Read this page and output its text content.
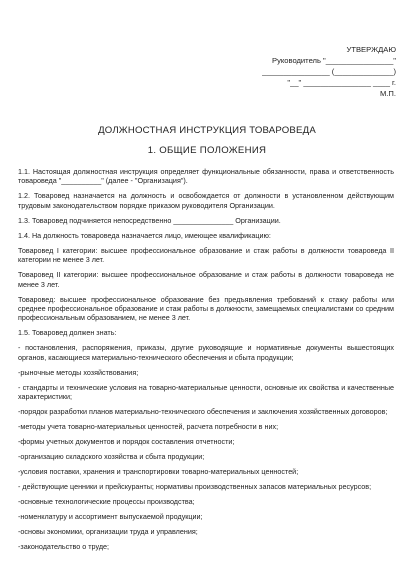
УТВЕРЖДАЮ
Руководитель "________________"
________________ (______________)
"__" ________________ ____ г.
М.П.
ДОЛЖНОСТНАЯ ИНСТРУКЦИЯ ТОВАРОВЕДА
1. ОБЩИЕ ПОЛОЖЕНИЯ

1.1. Настоящая должностная инструкция определяет функциональные обязанности, права и ответственность товароведа "__________" (далее - "Организация").

1.2. Товаровед назначается на должность и освобождается от должности в установленном действующим трудовым законодательством порядке приказом руководителя Организации.

1.3. Товаровед подчиняется непосредственно _______________ Организации.

1.4. На должность товароведа назначается лицо, имеющее квалификацию:

Товаровед I категории: высшее профессиональное образование и стаж работы в должности товароведа II категории не менее 3 лет.

Товаровед II категории: высшее профессиональное образование и стаж работы в должности товароведа не менее 3 лет.

Товаровед: высшее профессиональное образование без предъявления требований к стажу работы или среднее профессиональное образование и стаж работы в должности, замещаемых специалистами со средним профессиональным образованием, не менее 3 лет.

1.5. Товаровед должен знать:

- постановления, распоряжения, приказы, другие руководящие и нормативные документы вышестоящих органов, касающиеся материально-технического обеспечения и сбыта продукции;

-рыночные методы хозяйствования;

- стандарты и технические условия на товарно-материальные ценности, основные их свойства и качественные характеристики;

-порядок разработки планов материально-технического обеспечения и заключения хозяйственных договоров;

-методы учета товарно-материальных ценностей, расчета потребности в них;

-формы учетных документов и порядок составления отчетности;

-организацию складского хозяйства и сбыта продукции;

-условия поставки, хранения и транспортировки товарно-материальных ценностей;

- действующие ценники и прейскуранты; нормативы производственных запасов материальных ресурсов;

-основные технологические процессы производства;

-номенклатуру и ассортимент выпускаемой продукции;

-основы экономики, организации труда и управления;

-законодательство о труде;
